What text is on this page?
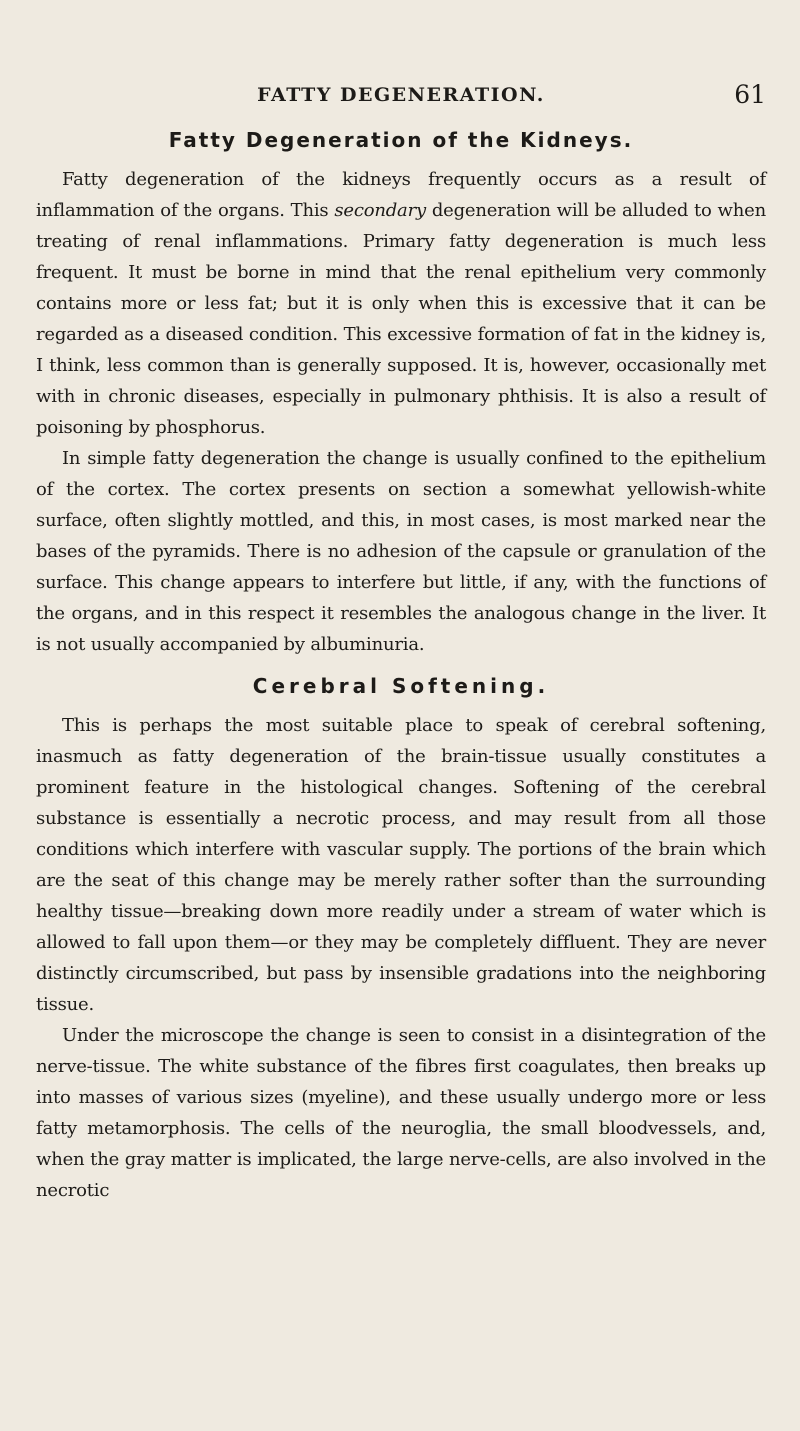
FATTY DEGENERATION.	61
Fatty Degeneration of the Kidneys.

Fatty degeneration of the kidneys frequently occurs as a result of inflammation of the organs. This secondary degeneration will be alluded to when treating of renal inflammations. Primary fatty degeneration is much less frequent. It must be borne in mind that the renal epithelium very commonly contains more or less fat; but it is only when this is excessive that it can be regarded as a diseased condition. This excessive formation of fat in the kidney is, I think, less common than is generally supposed. It is, however, occasionally met with in chronic diseases, especially in pulmonary phthisis. It is also a result of poisoning by phosphorus.

In simple fatty degeneration the change is usually confined to the epithelium of the cortex. The cortex presents on section a somewhat yellowish-white surface, often slightly mottled, and this, in most cases, is most marked near the bases of the pyramids. There is no adhesion of the capsule or granulation of the surface. This change appears to interfere but little, if any, with the functions of the organs, and in this respect it resembles the analogous change in the liver. It is not usually accompanied by albuminuria.

Cerebral Softening.

This is perhaps the most suitable place to speak of cerebral softening, inasmuch as fatty degeneration of the brain-tissue usually constitutes a prominent feature in the histological changes. Softening of the cerebral substance is essentially a necrotic process, and may result from all those conditions which interfere with vascular supply. The portions of the brain which are the seat of this change may be merely rather softer than the surrounding healthy tissue—breaking down more readily under a stream of water which is allowed to fall upon them—or they may be completely diffluent. They are never distinctly circumscribed, but pass by insensible gradations into the neighboring tissue.

Under the microscope the change is seen to consist in a disintegration of the nerve-tissue. The white substance of the fibres first coagulates, then breaks up into masses of various sizes (myeline), and these usually undergo more or less fatty metamorphosis. The cells of the neuroglia, the small bloodvessels, and, when the gray matter is implicated, the large nerve-cells, are also involved in the necrotic
